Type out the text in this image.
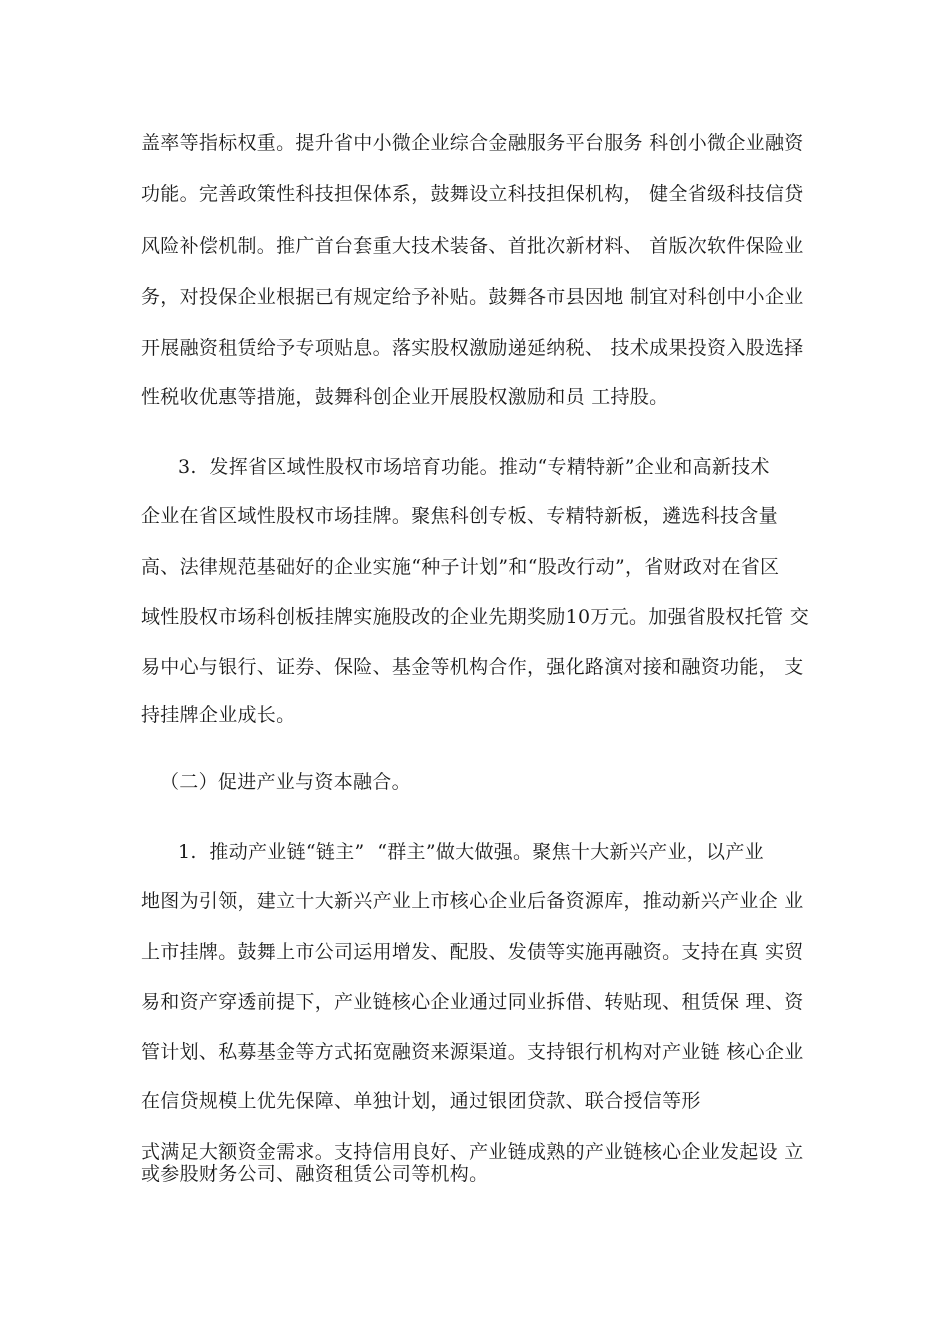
盖率等指标权重。提升省中小微企业综合金融服务平台服务 科创小微企业融资
功能。完善政策性科技担保体系，鼓舞设立科技担保机构， 健全省级科技信贷
风险补偿机制。推广首台套重大技术装备、首批次新材料、 首版次软件保险业
务，对投保企业根据已有规定给予补贴。鼓舞各市县因地 制宜对科创中小企业
开展融资租赁给予专项贴息。落实股权激励递延纳税、 技术成果投资入股选择
性税收优惠等措施，鼓舞科创企业开展股权激励和员 工持股。
3.  发挥省区域性股权市场培育功能。推动“专精特新”企业和高新技术
企业在省区域性股权市场挂牌。聚焦科创专板、专精特新板，遴选科技含量
高、法律规范基础好的企业实施“种子计划”和“股改行动”，省财政对在省区
域性股权市场科创板挂牌实施股改的企业先期奖励10万元。加强省股权托管 交
易中心与银行、证券、保险、基金等机构合作，强化路演对接和融资功能， 支
持挂牌企业成长。
（二）促进产业与资本融合。
1.  推动产业链“链主”  “群主”做大做强。聚焦十大新兴产业，以产业
地图为引领，建立十大新兴产业上市核心企业后备资源库，推动新兴产业企 业
上市挂牌。鼓舞上市公司运用增发、配股、发债等实施再融资。支持在真 实贸
易和资产穿透前提下，产业链核心企业通过同业拆借、转贴现、租赁保 理、资
管计划、私募基金等方式拓宽融资来源渠道。支持银行机构对产业链 核心企业
在信贷规模上优先保障、单独计划，通过银团贷款、联合授信等形
式满足大额资金需求。支持信用良好、产业链成熟的产业链核心企业发起设 立
或参股财务公司、融资租赁公司等机构。
